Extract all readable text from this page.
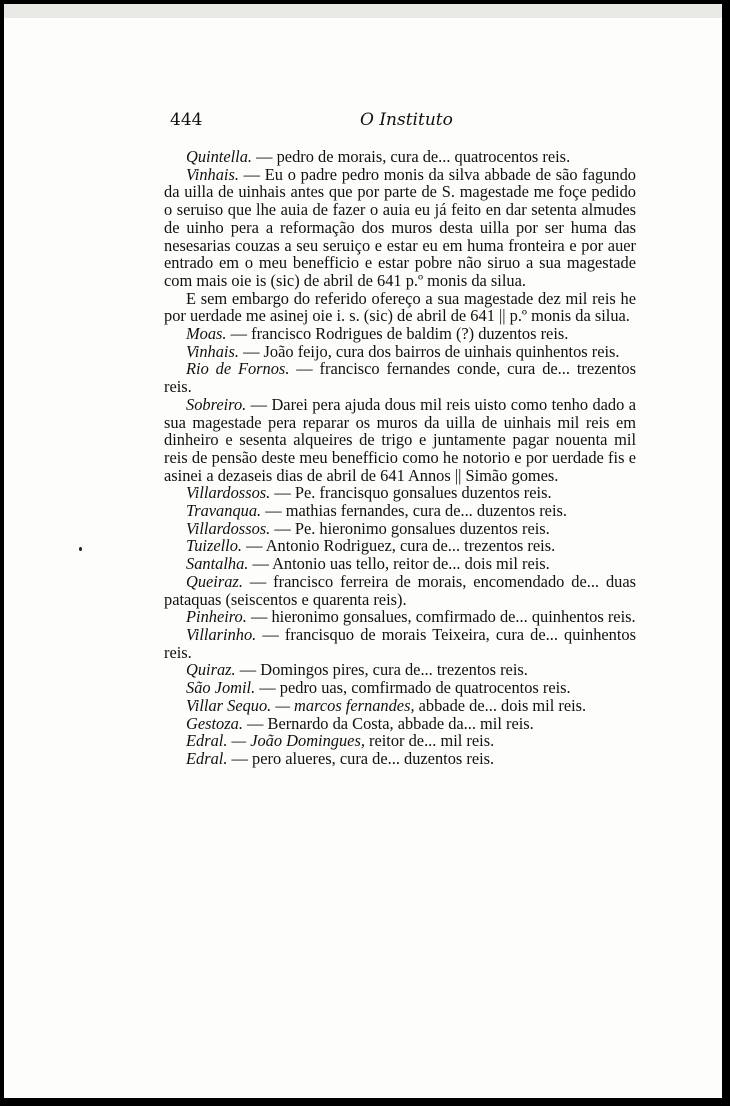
444	O Instituto

Quintella. — pedro de morais, cura de... quatrocentos reis.

Vinhais. — Eu o padre pedro monis da silva abbade de são fagundo da uilla de uinhais antes que por parte de S. magestade me foçe pedido o seruiso que lhe auia de fazer o auia eu já feito en dar setenta almudes de uinho pera a reformação dos muros desta uilla por ser huma das nesesarias couzas a seu seruiço e estar eu em huma fronteira e por auer entrado em o meu benefficio e estar pobre não siruo a sua magestade com mais oie is (sic) de abril de 641 p.º monis da silua.

E sem embargo do referido ofereço a sua magestade dez mil reis he por uerdade me asinej oie i. s. (sic) de abril de 641 || p.º monis da silua.

Moas. — francisco Rodrigues de baldim (?) duzentos reis.

Vinhais. — João feijo, cura dos bairros de uinhais quinhentos reis.

Rio de Fornos. — francisco fernandes conde, cura de... trezentos reis.

Sobreiro. — Darei pera ajuda dous mil reis uisto como tenho dado a sua magestade pera reparar os muros da uilla de uinhais mil reis em dinheiro e sesenta alqueires de trigo e juntamente pagar nouenta mil reis de pensão deste meu benefficio como he notorio e por uerdade fis e asinei a dezaseis dias de abril de 641 Annos || Simão gomes.

Villardossos. — Pe. francisquo gonsalues duzentos reis.

Travanqua. — mathias fernandes, cura de... duzentos reis.

Villardossos. — Pe. hieronimo gonsalues duzentos reis.

Tuizello. — Antonio Rodriguez, cura de... trezentos reis.

Santalha. — Antonio uas tello, reitor de... dois mil reis.

Queiraz. — francisco ferreira de morais, encomendado de... duas pataquas (seiscentos e quarenta reis).

Pinheiro. — hieronimo gonsalues, comfirmado de... quinhentos reis.

Villarinho. — francisquo de morais Teixeira, cura de... quinhentos reis.

Quiraz. — Domingos pires, cura de... trezentos reis.

São Jomil. — pedro uas, comfirmado de quatrocentos reis.

Villar Sequo. — marcos fernandes, abbade de... dois mil reis.

Gestoza. — Bernardo da Costa, abbade da... mil reis.

Edral. — João Domingues, reitor de... mil reis.

Edral. — pero alueres, cura de... duzentos reis.
